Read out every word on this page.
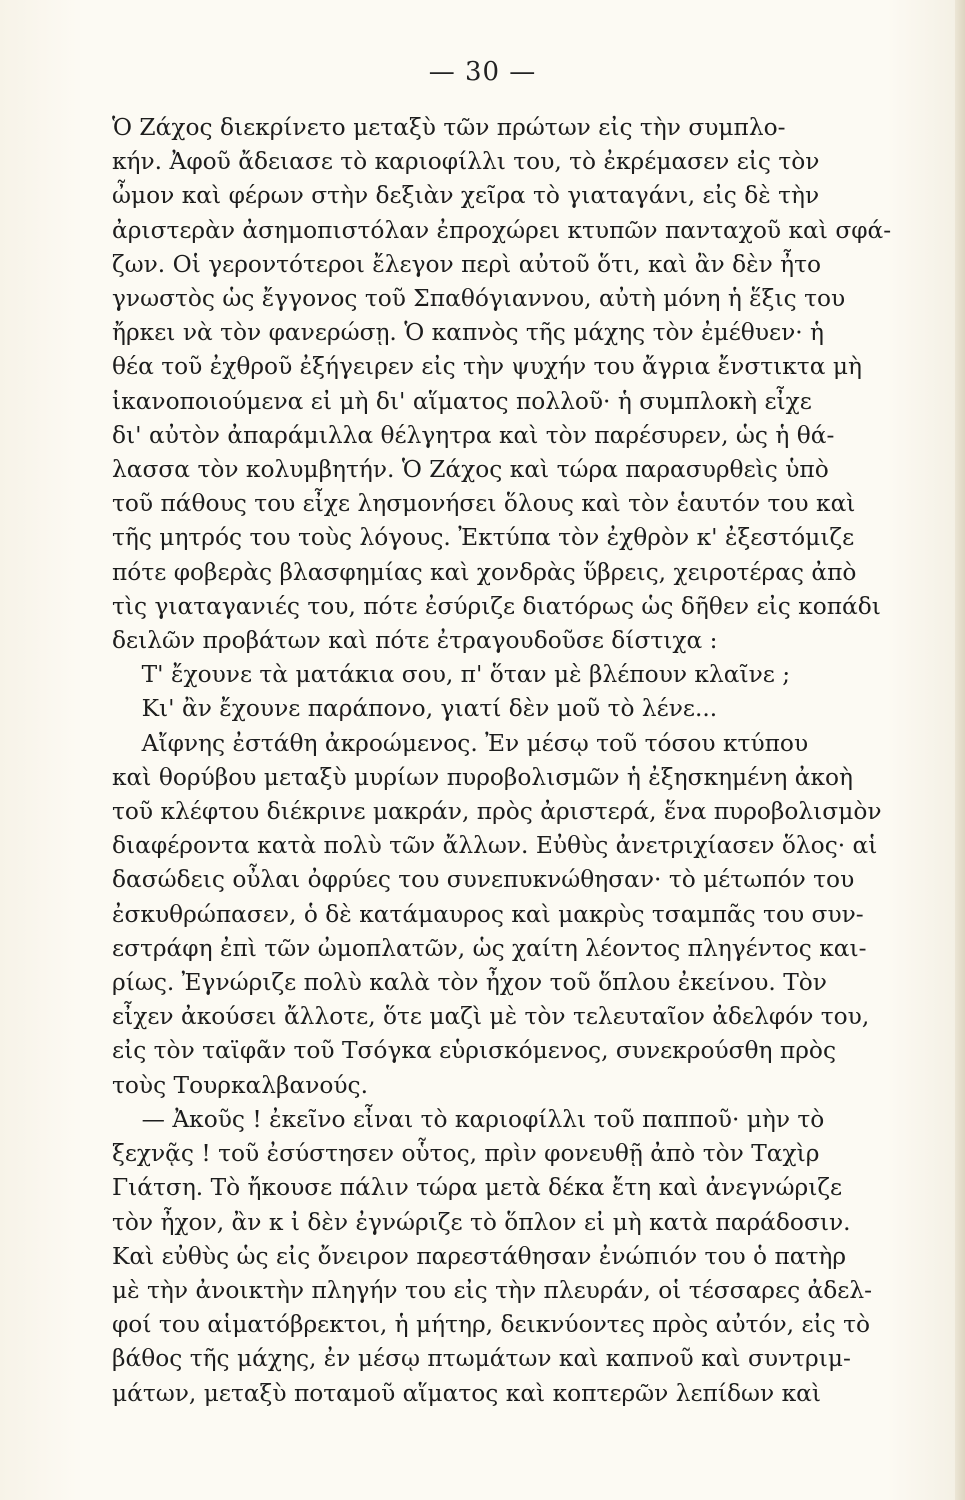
— 30 —
Ὁ Ζάχος διεκρίνετο μεταξὺ τῶν πρώτων εἰς τὴν συμπλο-
κήν. Ἀφοῦ ἄδειασε τὸ καριοφίλλι του, τὸ ἐκρέμασεν εἰς τὸν
ὦμον καὶ φέρων στὴν δεξιὰν χεῖρα τὸ γιαταγάνι, εἰς δὲ τὴν
ἀριστερὰν ἀσημοπιστόλαν ἐπροχώρει κτυπῶν πανταχοῦ καὶ σφά-
ζων. Οἱ γεροντότεροι ἔλεγον περὶ αὐτοῦ ὅτι, καὶ ἂν δὲν ἦτο
γνωστὸς ὡς ἔγγονος τοῦ Σπαθόγιαννου, αὐτὴ μόνη ἡ ἕξις του
ἤρκει νὰ τὸν φανερώσῃ. Ὁ καπνὸς τῆς μάχης τὸν ἐμέθυεν· ἡ
θέα τοῦ ἐχθροῦ ἐξήγειρεν εἰς τὴν ψυχήν του ἄγρια ἔνστικτα μὴ
ἱκανοποιούμενα εἰ μὴ δι' αἵματος πολλοῦ· ἡ συμπλοκὴ εἶχε
δι' αὐτὸν ἀπαράμιλλα θέλγητρα καὶ τὸν παρέσυρεν, ὡς ἡ θά-
λασσα τὸν κολυμβητήν. Ὁ Ζάχος καὶ τώρα παρασυρθεὶς ὑπὸ
τοῦ πάθους του εἶχε λησμονήσει ὅλους καὶ τὸν ἑαυτόν του καὶ
τῆς μητρός του τοὺς λόγους. Ἐκτύπα τὸν ἐχθρὸν κ' ἐξεστόμιζε
πότε φοβερὰς βλασφημίας καὶ χονδρὰς ὕβρεις, χειροτέρας ἀπὸ
τὶς γιαταγανιές του, πότε ἐσύριζε διατόρως ὡς δῆθεν εἰς κοπάδι
δειλῶν προβάτων καὶ πότε ἐτραγουδοῦσε δίστιχα :
Τ' ἔχουνε τὰ ματάκια σου, π' ὅταν μὲ βλέπουν κλαῖνε ;
Κι' ἂν ἔχουνε παράπονο, γιατί δὲν μοῦ τὸ λένε...
Αἴφνης ἐστάθη ἀκροώμενος. Ἐν μέσῳ τοῦ τόσου κτύπου
καὶ θορύβου μεταξὺ μυρίων πυροβολισμῶν ἡ ἐξησκημένη ἀκοὴ
τοῦ κλέφτου διέκρινε μακράν, πρὸς ἀριστερά, ἕνα πυροβολισμὸν
διαφέροντα κατὰ πολὺ τῶν ἄλλων. Εὐθὺς ἀνετριχίασεν ὅλος· αἱ
δασώδεις οὖλαι ὀφρύες του συνεπυκνώθησαν· τὸ μέτωπόν του
ἐσκυθρώπασεν, ὁ δὲ κατάμαυρος καὶ μακρὺς τσαμπᾶς του συν-
εστράφη ἐπὶ τῶν ὠμοπλατῶν, ὡς χαίτη λέοντος πληγέντος και-
ρίως. Ἐγνώριζε πολὺ καλὰ τὸν ἦχον τοῦ ὅπλου ἐκείνου. Τὸν
εἶχεν ἀκούσει ἄλλοτε, ὅτε μαζὶ μὲ τὸν τελευταῖον ἀδελφόν του,
εἰς τὸν ταϊφᾶν τοῦ Τσόγκα εὑρισκόμενος, συνεκρούσθη πρὸς
τοὺς Τουρκαλβανούς.
— Ἀκοῦς ! ἐκεῖνο εἶναι τὸ καριοφίλλι τοῦ παπποῦ· μὴν τὸ
ξεχνᾷς ! τοῦ ἐσύστησεν οὗτος, πρὶν φονευθῇ ἀπὸ τὸν Ταχὶρ
Γιάτση. Τὸ ἤκουσε πάλιν τώρα μετὰ δέκα ἔτη καὶ ἀνεγνώριζε
τὸν ἦχον, ἂν κ ἰ δὲν ἐγνώριζε τὸ ὅπλον εἰ μὴ κατὰ παράδοσιν.
Καὶ εὐθὺς ὡς εἰς ὄνειρον παρεστάθησαν ἐνώπιόν του ὁ πατὴρ
μὲ τὴν ἀνοικτὴν πληγήν του εἰς τὴν πλευράν, οἱ τέσσαρες ἀδελ-
φοί του αἱματόβρεκτοι, ἡ μήτηρ, δεικνύοντες πρὸς αὐτόν, εἰς τὸ
βάθος τῆς μάχης, ἐν μέσῳ πτωμάτων καὶ καπνοῦ καὶ συντριμ-
μάτων, μεταξὺ ποταμοῦ αἵματος καὶ κοπτερῶν λεπίδων καὶ
